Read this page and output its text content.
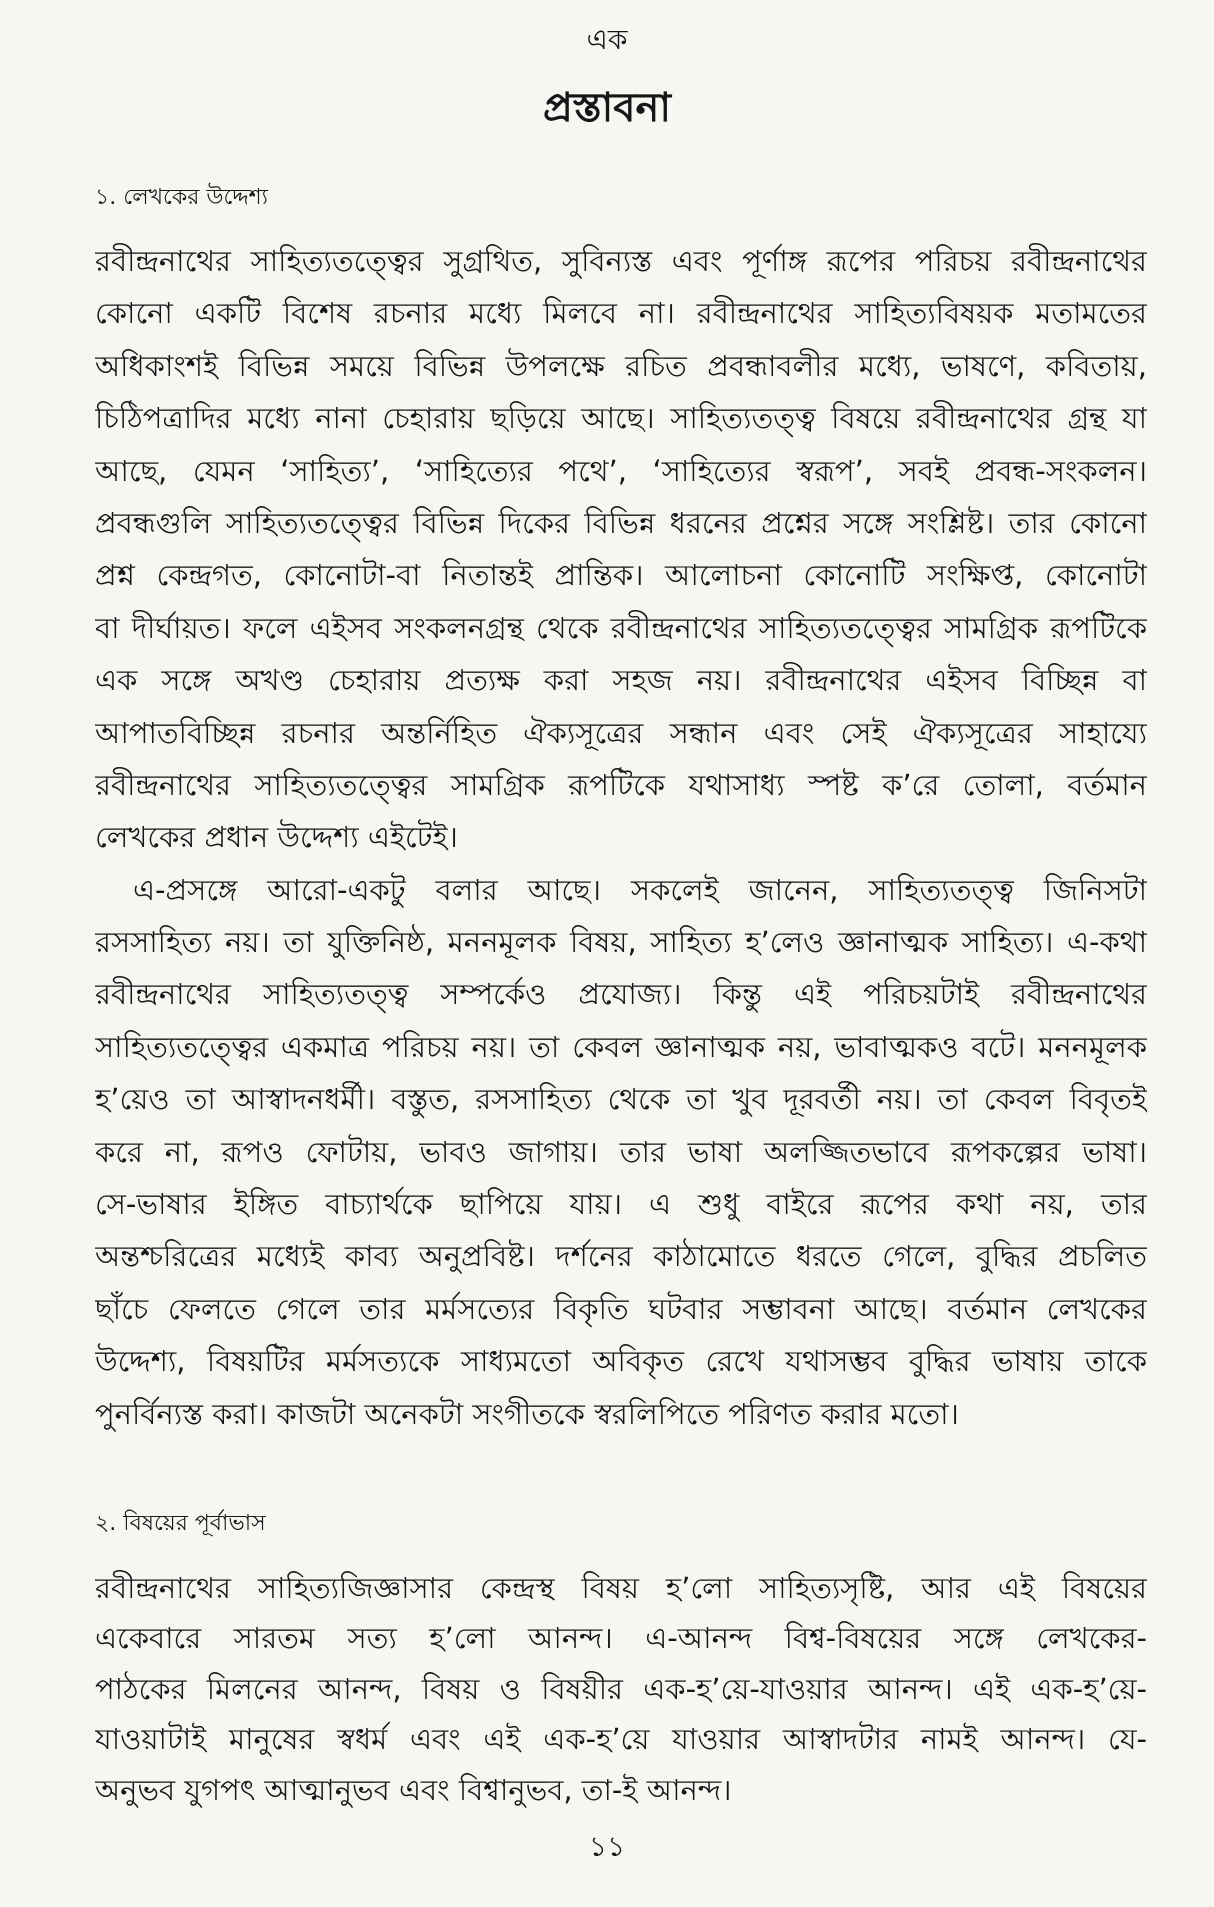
এক
প্রস্তাবনা
১. লেখকের উদ্দেশ্য
রবীন্দ্রনাথের সাহিত্যতত্ত্বের সুগ্রথিত, সুবিন্যস্ত এবং পূর্ণাঙ্গ রূপের পরিচয় রবীন্দ্রনাথের
কোনো একটি বিশেষ রচনার মধ্যে মিলবে না। রবীন্দ্রনাথের সাহিত্যবিষয়ক মতামতের
অধিকাংশই বিভিন্ন সময়ে বিভিন্ন উপলক্ষে রচিত প্রবন্ধাবলীর মধ্যে, ভাষণে, কবিতায়,
চিঠিপত্রাদির মধ্যে নানা চেহারায় ছড়িয়ে আছে। সাহিত্যতত্ত্ব বিষয়ে রবীন্দ্রনাথের গ্রন্থ যা
আছে, যেমন ‘সাহিত্য’, ‘সাহিত্যের পথে’, ‘সাহিত্যের স্বরূপ’, সবই প্রবন্ধ-সংকলন।
প্রবন্ধগুলি সাহিত্যতত্ত্বের বিভিন্ন দিকের বিভিন্ন ধরনের প্রশ্নের সঙ্গে সংশ্লিষ্ট। তার কোনো
প্রশ্ন কেন্দ্রগত, কোনোটা-বা নিতান্তই প্রান্তিক। আলোচনা কোনোটি সংক্ষিপ্ত, কোনোটা
বা দীর্ঘায়ত। ফলে এইসব সংকলনগ্রন্থ থেকে রবীন্দ্রনাথের সাহিত্যতত্ত্বের সামগ্রিক রূপটিকে
এক সঙ্গে অখণ্ড চেহারায় প্রত্যক্ষ করা সহজ নয়। রবীন্দ্রনাথের এইসব বিচ্ছিন্ন বা
আপাতবিচ্ছিন্ন রচনার অন্তর্নিহিত ঐক্যসূত্রের সন্ধান এবং সেই ঐক্যসূত্রের সাহায্যে
রবীন্দ্রনাথের সাহিত্যতত্ত্বের সামগ্রিক রূপটিকে যথাসাধ্য স্পষ্ট ক’রে তোলা, বর্তমান
লেখকের প্রধান উদ্দেশ্য এইটেই।
এ-প্রসঙ্গে আরো-একটু বলার আছে। সকলেই জানেন, সাহিত্যতত্ত্ব জিনিসটা
রসসাহিত্য নয়। তা যুক্তিনিষ্ঠ, মননমূলক বিষয়, সাহিত্য হ’লেও জ্ঞানাত্মক সাহিত্য। এ-কথা
রবীন্দ্রনাথের সাহিত্যতত্ত্ব সম্পর্কেও প্রযোজ্য। কিন্তু এই পরিচয়টাই রবীন্দ্রনাথের
সাহিত্যতত্ত্বের একমাত্র পরিচয় নয়। তা কেবল জ্ঞানাত্মক নয়, ভাবাত্মকও বটে। মননমূলক
হ’য়েও তা আস্বাদনধর্মী। বস্তুত, রসসাহিত্য থেকে তা খুব দূরবর্তী নয়। তা কেবল বিবৃতই
করে না, রূপও ফোটায়, ভাবও জাগায়। তার ভাষা অলজ্জিতভাবে রূপকল্পের ভাষা।
সে-ভাষার ইঙ্গিত বাচ্যার্থকে ছাপিয়ে যায়। এ শুধু বাইরে রূপের কথা নয়, তার
অন্তশ্চরিত্রের মধ্যেই কাব্য অনুপ্রবিষ্ট। দর্শনের কাঠামোতে ধরতে গেলে, বুদ্ধির প্রচলিত
ছাঁচে ফেলতে গেলে তার মর্মসত্যের বিকৃতি ঘটবার সম্ভাবনা আছে। বর্তমান লেখকের
উদ্দেশ্য, বিষয়টির মর্মসত্যকে সাধ্যমতো অবিকৃত রেখে যথাসম্ভব বুদ্ধির ভাষায় তাকে
পুনর্বিন্যস্ত করা। কাজটা অনেকটা সংগীতকে স্বরলিপিতে পরিণত করার মতো।
২. বিষয়ের পূর্বাভাস
রবীন্দ্রনাথের সাহিত্যজিজ্ঞাসার কেন্দ্রস্থ বিষয় হ’লো সাহিত্যসৃষ্টি, আর এই বিষয়ের
একেবারে সারতম সত্য হ’লো আনন্দ। এ-আনন্দ বিশ্ব-বিষয়ের সঙ্গে লেখকের-
পাঠকের মিলনের আনন্দ, বিষয় ও বিষয়ীর এক-হ’য়ে-যাওয়ার আনন্দ। এই এক-হ’য়ে-
যাওয়াটাই মানুষের স্বধর্ম এবং এই এক-হ’য়ে যাওয়ার আস্বাদটার নামই আনন্দ। যে-
অনুভব যুগপৎ আত্মানুভব এবং বিশ্বানুভব, তা-ই আনন্দ।
১১
